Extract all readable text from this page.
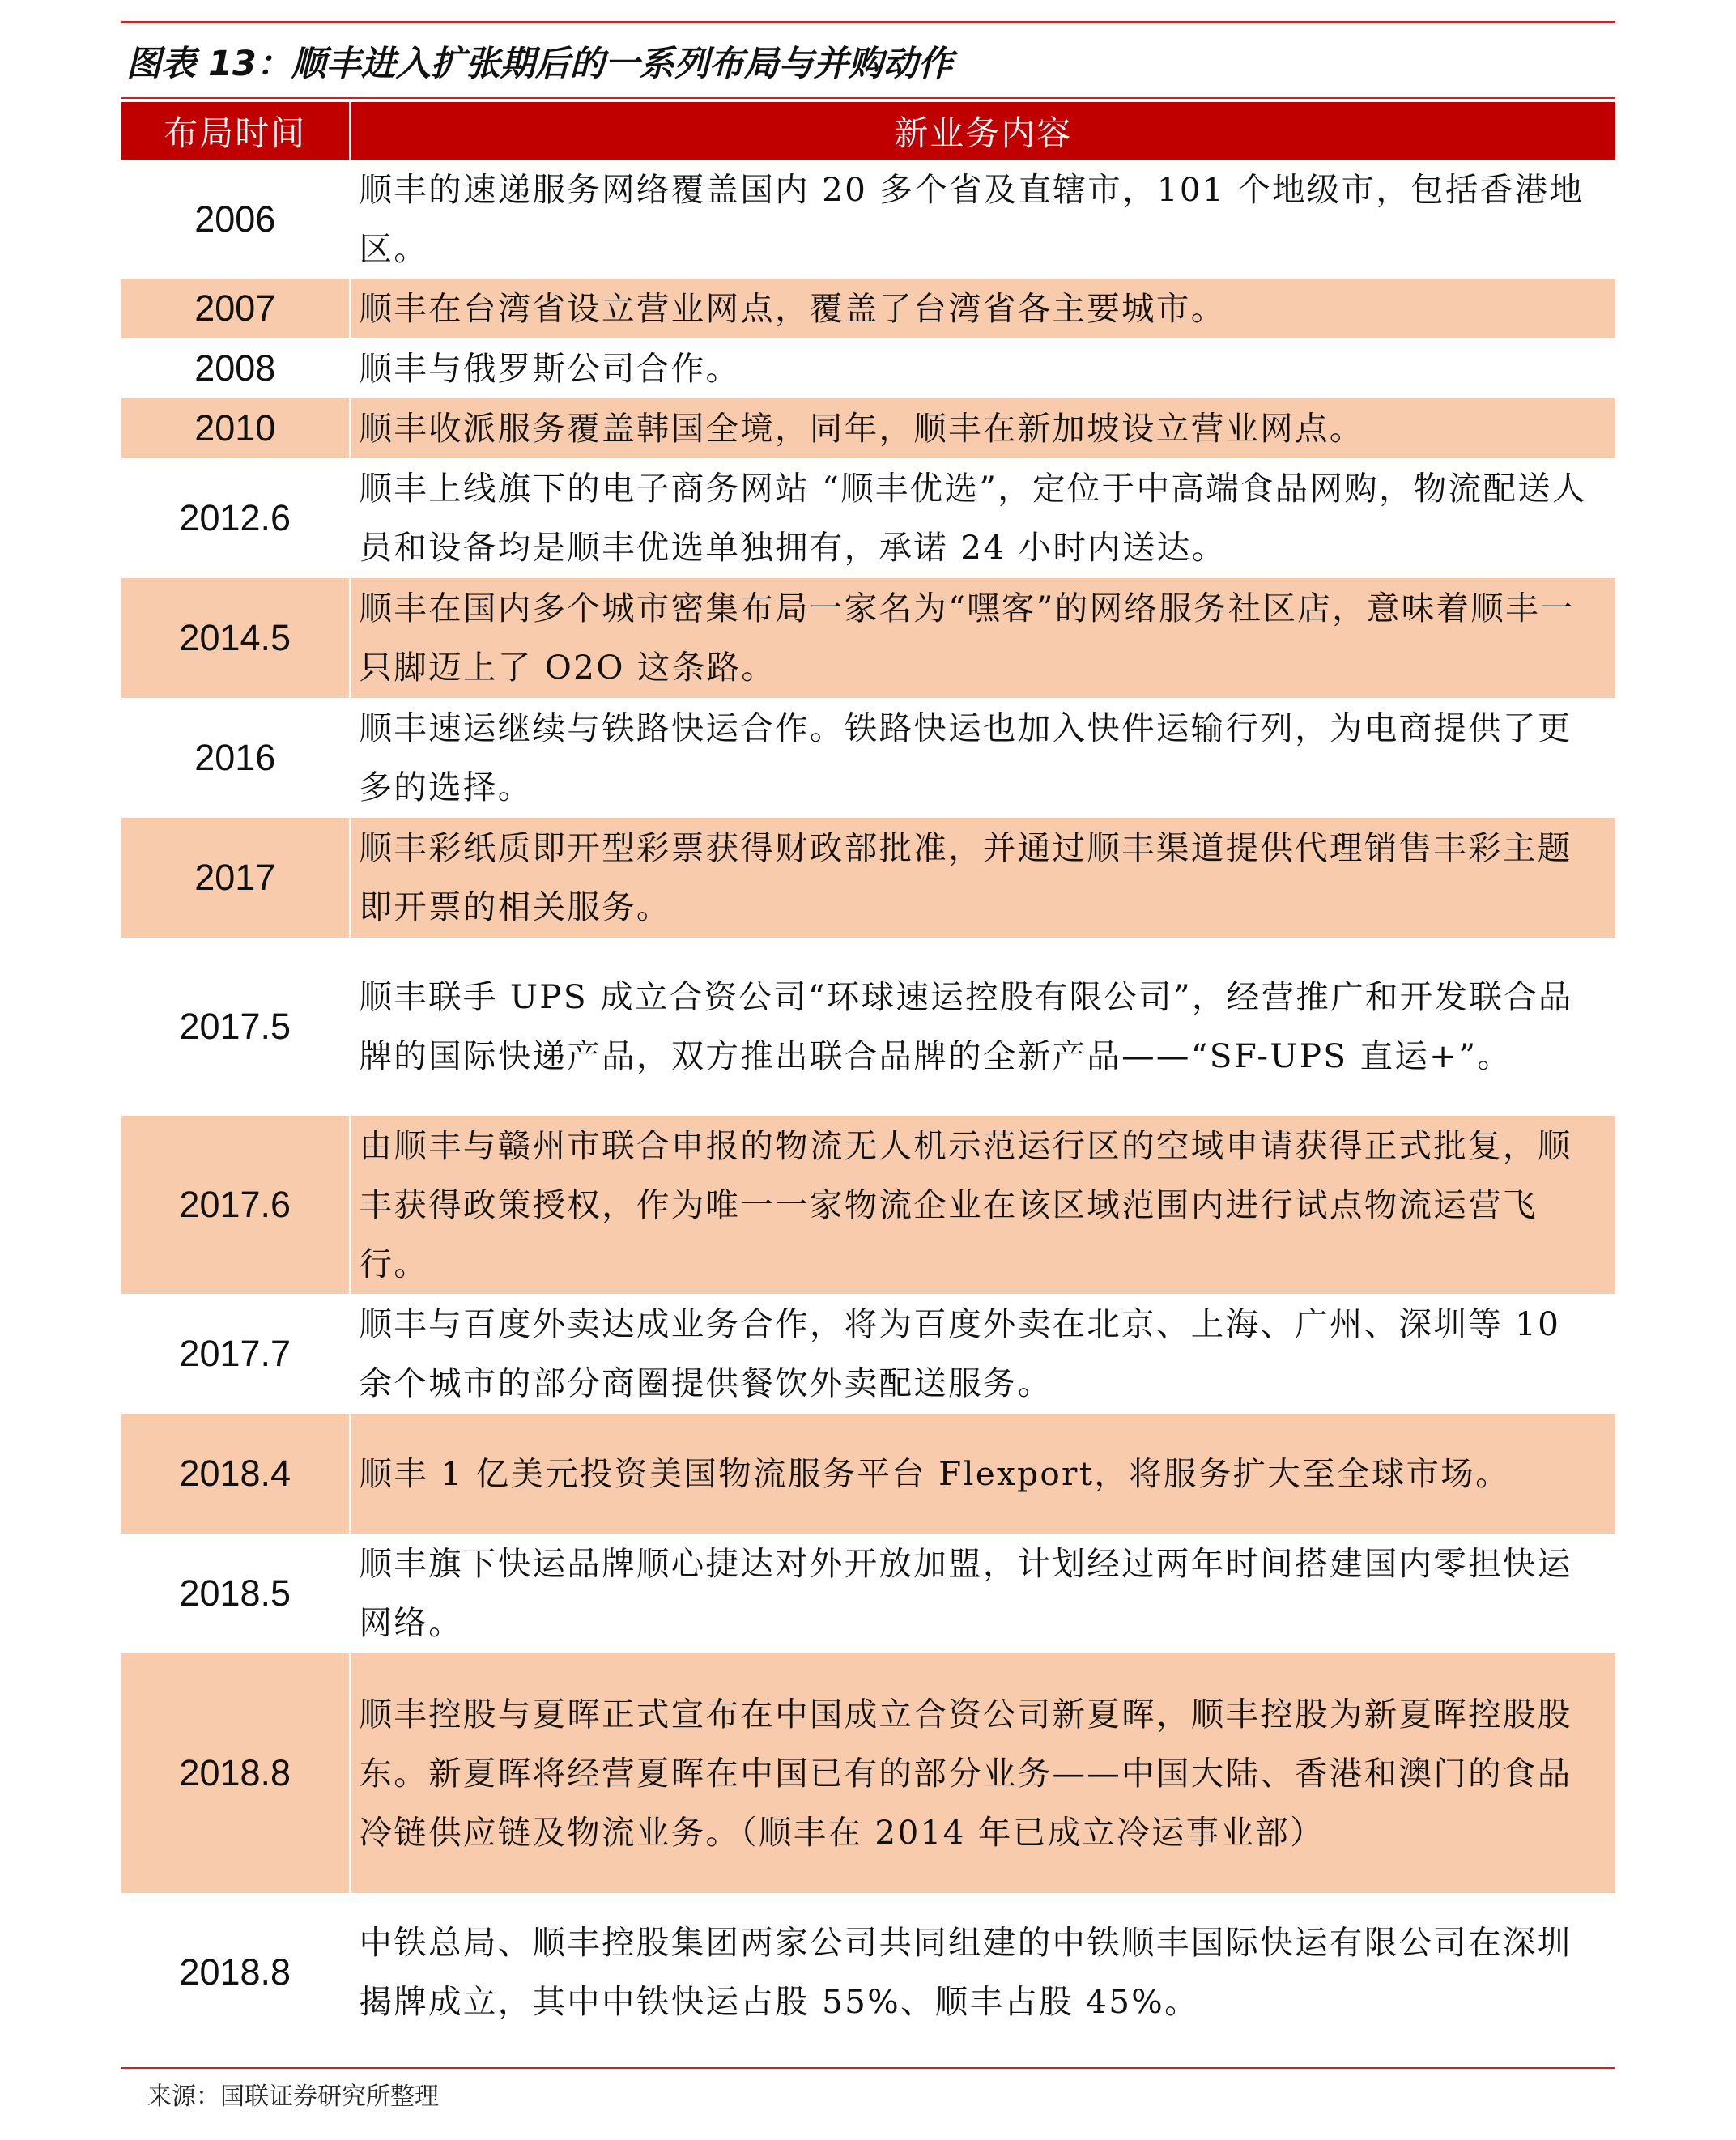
图表 13：顺丰进入扩张期后的一系列布局与并购动作
布局时间	新业务内容
2006	顺丰的速递服务网络覆盖国内 20 多个省及直辖市，101 个地级市，包括香港地区。
2007	顺丰在台湾省设立营业网点，覆盖了台湾省各主要城市。
2008	顺丰与俄罗斯公司合作。
2010	顺丰收派服务覆盖韩国全境，同年，顺丰在新加坡设立营业网点。
2012.6	顺丰上线旗下的电子商务网站 “顺丰优选”，定位于中高端食品网购，物流配送人员和设备均是顺丰优选单独拥有，承诺 24 小时内送达。
2014.5	顺丰在国内多个城市密集布局一家名为“嘿客”的网络服务社区店，意味着顺丰一只脚迈上了 O2O 这条路。
2016	顺丰速运继续与铁路快运合作。铁路快运也加入快件运输行列，为电商提供了更多的选择。
2017	顺丰彩纸质即开型彩票获得财政部批准，并通过顺丰渠道提供代理销售丰彩主题即开票的相关服务。
2017.5	顺丰联手 UPS 成立合资公司“环球速运控股有限公司”，经营推广和开发联合品牌的国际快递产品，双方推出联合品牌的全新产品——“SF-UPS 直运+”。
2017.6	由顺丰与赣州市联合申报的物流无人机示范运行区的空域申请获得正式批复，顺丰获得政策授权，作为唯一一家物流企业在该区域范围内进行试点物流运营飞行。
2017.7	顺丰与百度外卖达成业务合作，将为百度外卖在北京、上海、广州、深圳等 10 余个城市的部分商圈提供餐饮外卖配送服务。
2018.4	顺丰 1 亿美元投资美国物流服务平台 Flexport，将服务扩大至全球市场。
2018.5	顺丰旗下快运品牌顺心捷达对外开放加盟，计划经过两年时间搭建国内零担快运网络。
2018.8	顺丰控股与夏晖正式宣布在中国成立合资公司新夏晖，顺丰控股为新夏晖控股股东。新夏晖将经营夏晖在中国已有的部分业务——中国大陆、香港和澳门的食品冷链供应链及物流业务。（顺丰在 2014 年已成立冷运事业部）
2018.8	中铁总局、顺丰控股集团两家公司共同组建的中铁顺丰国际快运有限公司在深圳揭牌成立，其中中铁快运占股 55%、顺丰占股 45%。
来源：国联证券研究所整理
